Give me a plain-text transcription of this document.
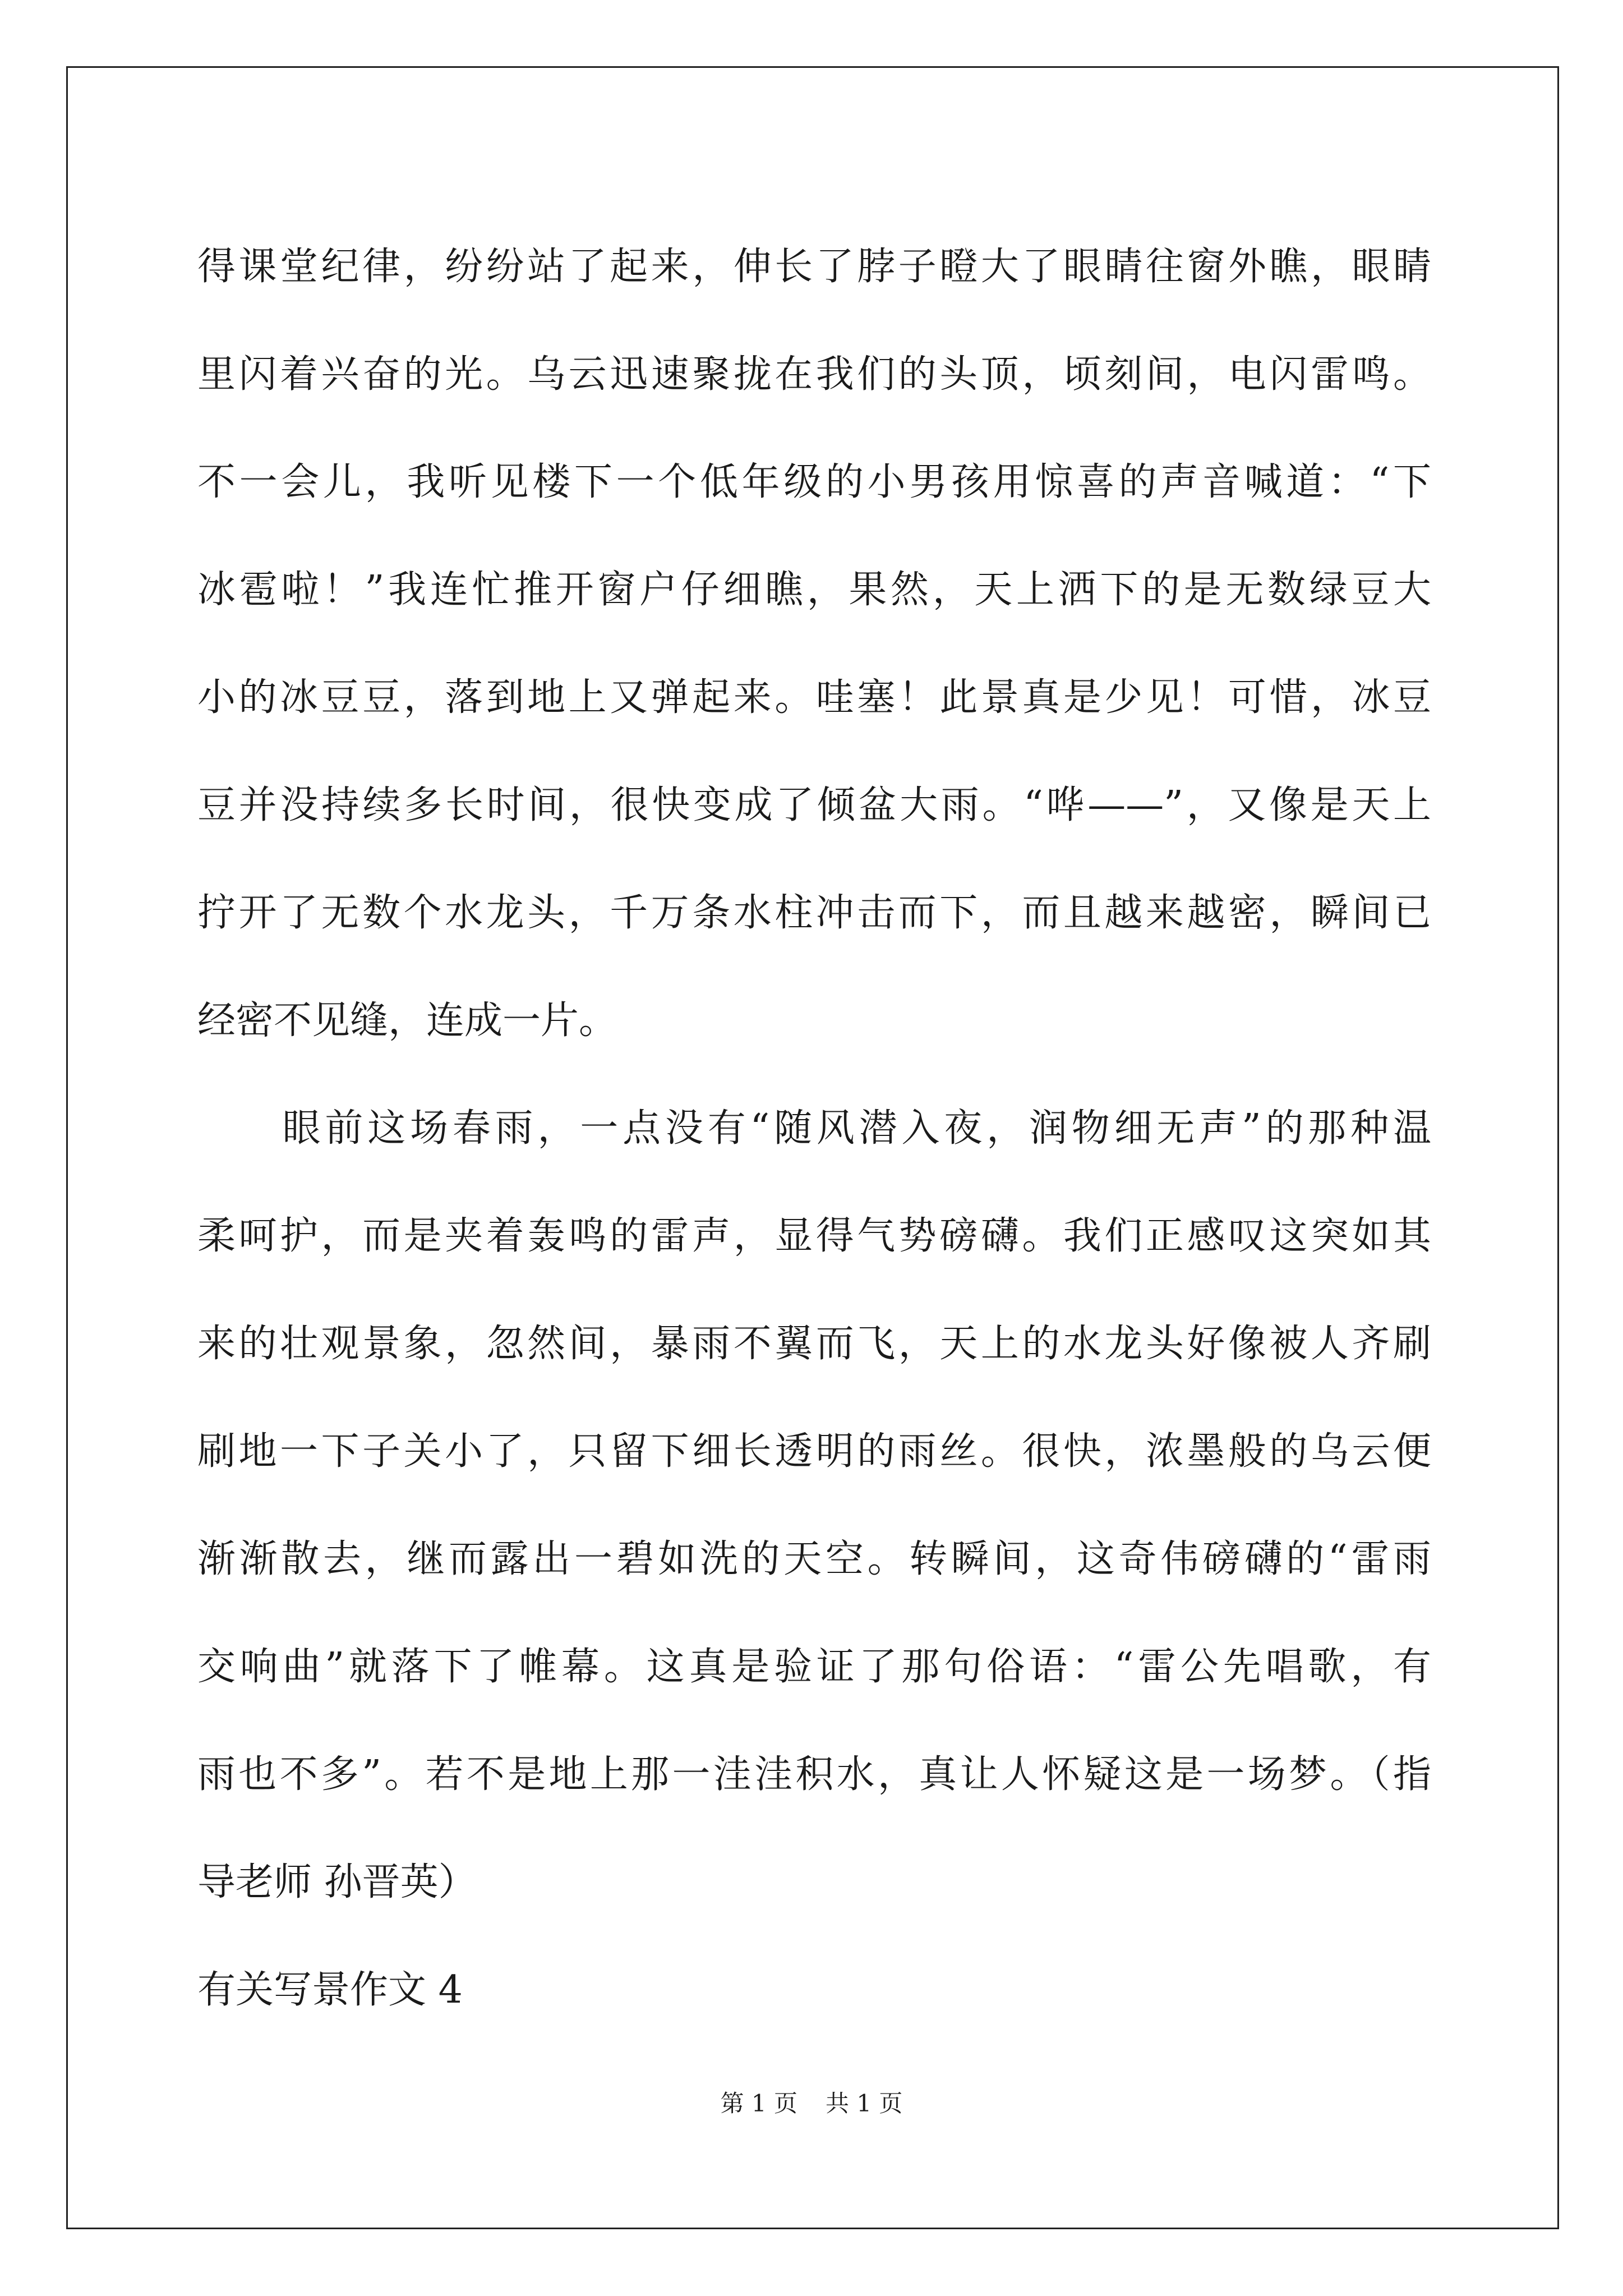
得课堂纪律，纷纷站了起来，伸长了脖子瞪大了眼睛往窗外瞧，眼睛
里闪着兴奋的光。乌云迅速聚拢在我们的头顶，顷刻间，电闪雷鸣。
不一会儿，我听见楼下一个低年级的小男孩用惊喜的声音喊道：“下
冰雹啦！”我连忙推开窗户仔细瞧，果然，天上洒下的是无数绿豆大
小的冰豆豆，落到地上又弹起来。哇塞！此景真是少见！可惜，冰豆
豆并没持续多长时间，很快变成了倾盆大雨。“哗——”，又像是天上
拧开了无数个水龙头，千万条水柱冲击而下，而且越来越密，瞬间已
经密不见缝，连成一片。
　　眼前这场春雨，一点没有“随风潜入夜，润物细无声”的那种温
柔呵护，而是夹着轰鸣的雷声，显得气势磅礴。我们正感叹这突如其
来的壮观景象，忽然间，暴雨不翼而飞，天上的水龙头好像被人齐刷
刷地一下子关小了，只留下细长透明的雨丝。很快，浓墨般的乌云便
渐渐散去，继而露出一碧如洗的天空。转瞬间，这奇伟磅礴的“雷雨
交响曲”就落下了帷幕。这真是验证了那句俗语：“雷公先唱歌，有
雨也不多”。若不是地上那一洼洼积水，真让人怀疑这是一场梦。（指
导老师 孙晋英）
有关写景作文 4
第 1 页 共 1 页
